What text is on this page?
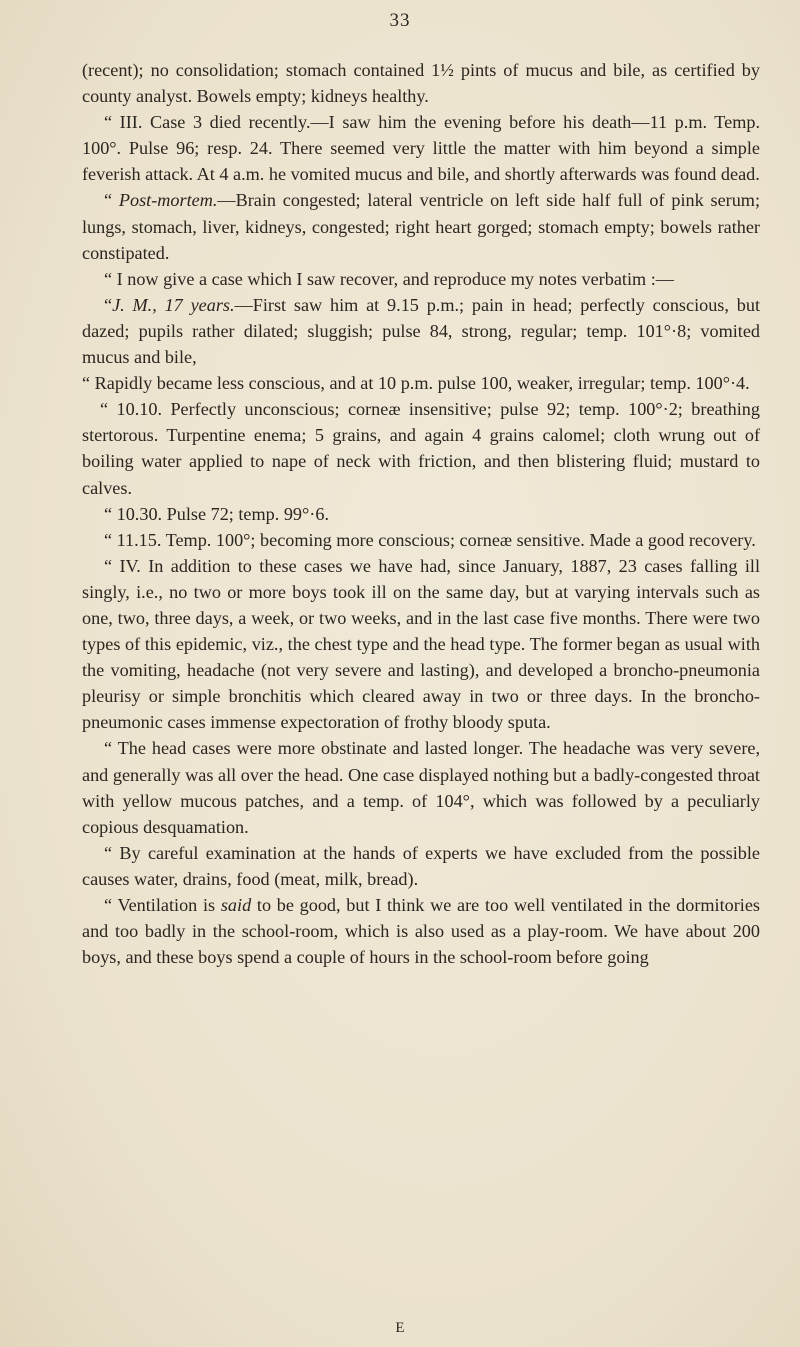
33

(recent); no consolidation; stomach contained 1½ pints of mucus and bile, as certified by county analyst. Bowels empty; kidneys healthy.

“ III. Case 3 died recently.—I saw him the evening before his death—11 p.m. Temp. 100°. Pulse 96; resp. 24. There seemed very little the matter with him beyond a simple feverish attack. At 4 a.m. he vomited mucus and bile, and shortly afterwards was found dead.

“ Post-mortem.—Brain congested; lateral ventricle on left side half full of pink serum; lungs, stomach, liver, kidneys, congested; right heart gorged; stomach empty; bowels rather constipated.

“ I now give a case which I saw recover, and reproduce my notes verbatim :—

“J. M., 17 years.—First saw him at 9.15 p.m.; pain in head; perfectly conscious, but dazed; pupils rather dilated; sluggish; pulse 84, strong, regular; temp. 101°·8; vomited mucus and bile,

“ Rapidly became less conscious, and at 10 p.m. pulse 100, weaker, irregular; temp. 100°·4.

“ 10.10. Perfectly unconscious; corneæ insensitive; pulse 92; temp. 100°·2; breathing stertorous. Turpentine enema; 5 grains, and again 4 grains calomel; cloth wrung out of boiling water applied to nape of neck with friction, and then blistering fluid; mustard to calves.

“ 10.30. Pulse 72; temp. 99°·6.

“ 11.15. Temp. 100°; becoming more conscious; corneæ sensitive. Made a good recovery.

“ IV. In addition to these cases we have had, since January, 1887, 23 cases falling ill singly, i.e., no two or more boys took ill on the same day, but at varying intervals such as one, two, three days, a week, or two weeks, and in the last case five months. There were two types of this epidemic, viz., the chest type and the head type. The former began as usual with the vomiting, headache (not very severe and lasting), and developed a broncho-pneumonia pleurisy or simple bronchitis which cleared away in two or three days. In the broncho-pneumonic cases immense expectoration of frothy bloody sputa.

“ The head cases were more obstinate and lasted longer. The headache was very severe, and generally was all over the head. One case displayed nothing but a badly-congested throat with yellow mucous patches, and a temp. of 104°, which was followed by a peculiarly copious desquamation.

“ By careful examination at the hands of experts we have excluded from the possible causes water, drains, food (meat, milk, bread).

“ Ventilation is said to be good, but I think we are too well ventilated in the dormitories and too badly in the school-room, which is also used as a play-room. We have about 200 boys, and these boys spend a couple of hours in the school-room before going

E
